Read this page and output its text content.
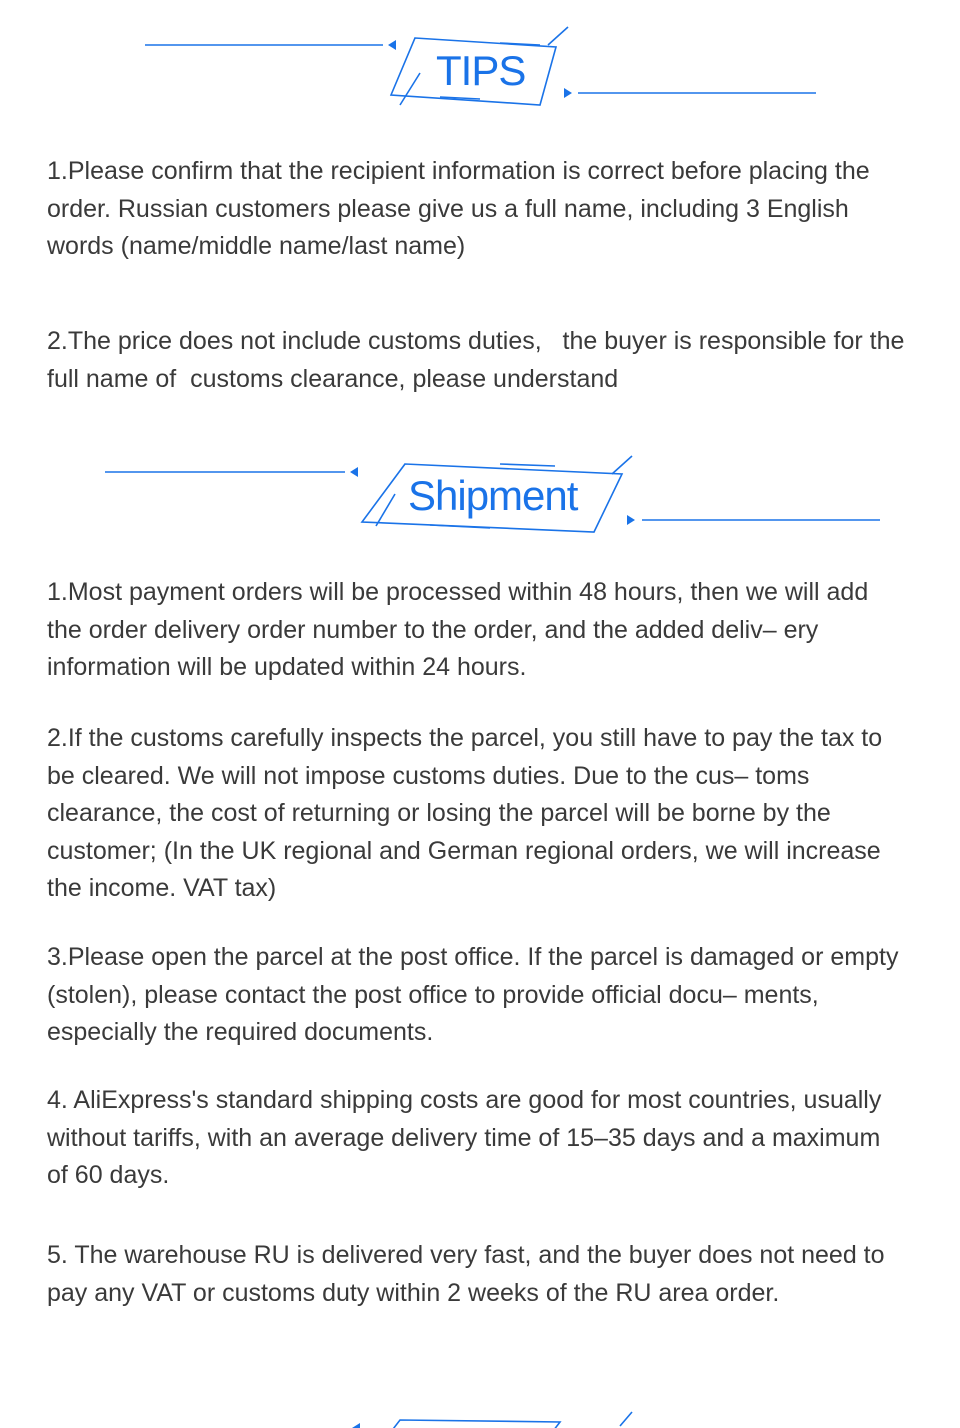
TIPS

1.Please confirm that the recipient information is correct before placing the order. Russian customers please give us a full name, including 3 English words (name/middle name/last name)

2.The price does not include customs duties,   the buyer is responsible for the full name of  customs clearance, please understand

Shipment

1.Most payment orders will be processed within 48 hours, then we will add the order delivery order number to the order, and the added deliv– ery information will be updated within 24 hours.

2.If the customs carefully inspects the parcel, you still have to pay the tax to be cleared. We will not impose customs duties. Due to the cus– toms clearance, the cost of returning or losing the parcel will be borne by the customer; (In the UK regional and German regional orders, we will increase the income. VAT tax)

3.Please open the parcel at the post office. If the parcel is damaged or empty (stolen), please contact the post office to provide official docu– ments, especially the required documents.

4. AliExpress's standard shipping costs are good for most countries, usually without tariffs, with an average delivery time of 15–35 days and a maximum of 60 days.

5. The warehouse RU is delivered very fast, and the buyer does not need to pay any VAT or customs duty within 2 weeks of the RU area order.
